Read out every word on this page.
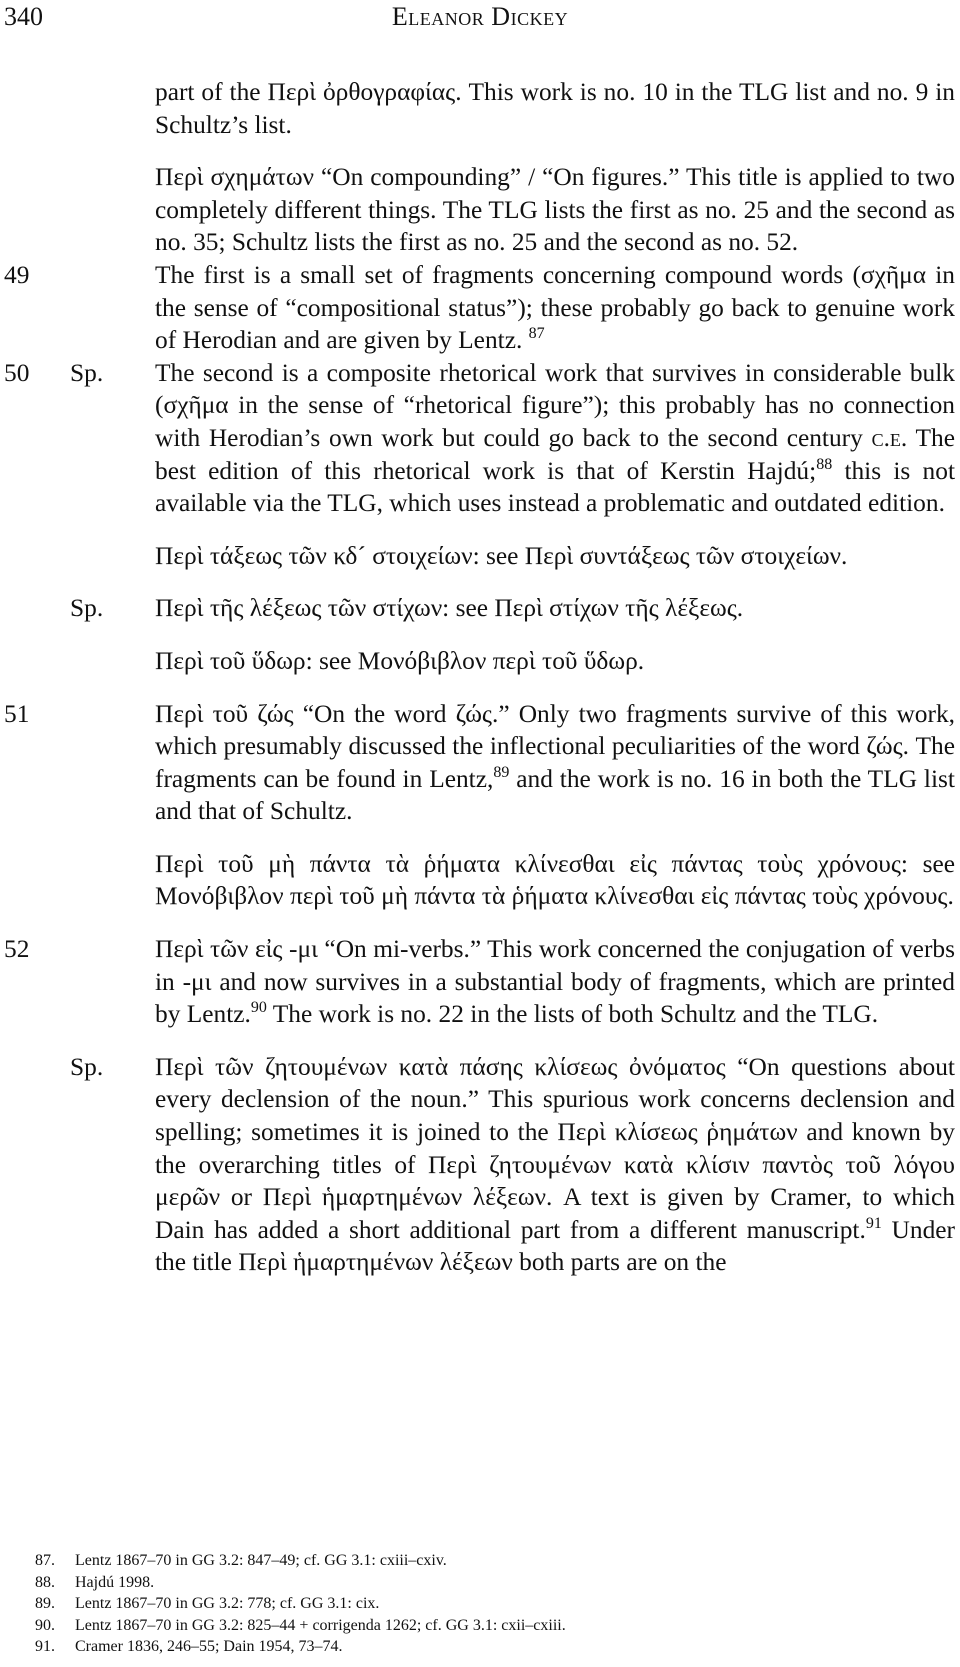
340	Eleanor Dickey
part of the Περὶ ὀρθογραφίας. This work is no. 10 in the TLG list and no. 9 in Schultz’s list.
Περὶ σχημάτων “On compounding” / “On figures.” This title is applied to two completely different things. The TLG lists the first as no. 25 and the second as no. 35; Schultz lists the first as no. 25 and the second as no. 52.
49	The first is a small set of fragments concerning compound words (σχῆμα in the sense of “compositional status”); these probably go back to genuine work of Herodian and are given by Lentz. $^{87}$
50 Sp. The second is a composite rhetorical work that survives in considerable bulk (σχῆμα in the sense of “rhetorical figure”); this probably has no connection with Herodian’s own work but could go back to the second century c.e. The best edition of this rhetorical work is that of Kerstin Hajdú;$^{88}$ this is not available via the TLG, which uses instead a problematic and outdated edition.
Περὶ τάξεως τῶν κδ´ στοιχείων: see Περὶ συντάξεως τῶν στοιχείων.
Sp. Περὶ τῆς λέξεως τῶν στίχων: see Περὶ στίχων τῆς λέξεως.
Περὶ τοῦ ὕδωρ: see Μονόβιβλον περὶ τοῦ ὕδωρ.
51	Περὶ τοῦ ζώς “On the word ζώς.” Only two fragments survive of this work, which presumably discussed the inflectional peculiarities of the word ζώς. The fragments can be found in Lentz,$^{89}$ and the work is no. 16 in both the TLG list and that of Schultz.
Περὶ τοῦ μὴ πάντα τὰ ῥήματα κλίνεσθαι εἰς πάντας τοὺς χρόνους: see Μονόβιβλον περὶ τοῦ μὴ πάντα τὰ ῥήματα κλίνεσθαι εἰς πάντας τοὺς χρόνους.
52	Περὶ τῶν εἰς -μι “On mi-verbs.” This work concerned the conjugation of verbs in -μι and now survives in a substantial body of fragments, which are printed by Lentz.$^{90}$ The work is no. 22 in the lists of both Schultz and the TLG.
Sp. Περὶ τῶν ζητουμένων κατὰ πάσης κλίσεως ὀνόματος “On questions about every declension of the noun.” This spurious work concerns declension and spelling; sometimes it is joined to the Περὶ κλίσεως ῥημάτων and known by the overarching titles of Περὶ ζητουμένων κατὰ κλίσιν παντὸς τοῦ λόγου μερῶν or Περὶ ἡμαρτημένων λέξεων. A text is given by Cramer, to which Dain has added a short additional part from a different manuscript.$^{91}$ Under the title Περὶ ἡμαρτημένων λέξεων both parts are on the
87. Lentz 1867–70 in GG 3.2: 847–49; cf. GG 3.1: cxiii–cxiv.
88. Hajdú 1998.
89. Lentz 1867–70 in GG 3.2: 778; cf. GG 3.1: cix.
90. Lentz 1867–70 in GG 3.2: 825–44 + corrigenda 1262; cf. GG 3.1: cxii–cxiii.
91. Cramer 1836, 246–55; Dain 1954, 73–74.
